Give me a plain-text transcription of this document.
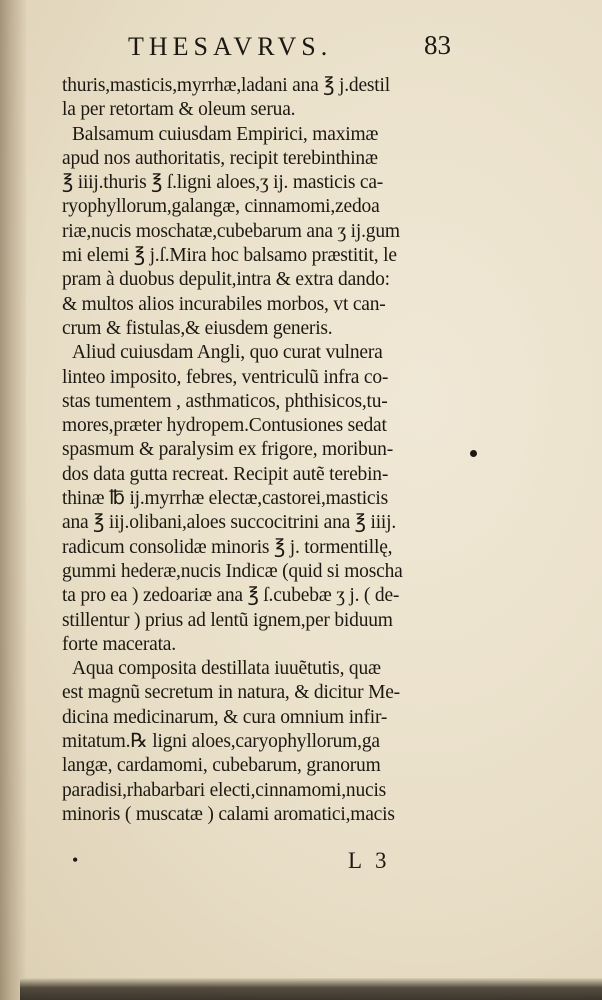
THESAVRVS.	83
thuris,masticis,myrrhæ,ladani ana ℥ j.destil
la per retortam & oleum serua.
Balsamum cuiusdam Empirici, maximæ
apud nos authoritatis, recipit terebinthinæ
℥ iiij.thuris ℥ ſ.ligni aloes,ʒ ij. masticis ca-
ryophyllorum,galangæ, cinnamomi,zedoa
riæ,nucis moschatæ,cubebarum ana ʒ ij.gum
mi elemi ℥ j.ſ.Mira hoc balsamo præstitit, le
pram à duobus depulit,intra & extra dando:
& multos alios incurabiles morbos, vt can-
crum & fistulas,& eiusdem generis.
Aliud cuiusdam Angli, quo curat vulnera
linteo imposito, febres, ventriculũ infra co-
stas tumentem , asthmaticos, phthisicos,tu-
mores,præter hydropem.Contusiones sedat
spasmum & paralysim ex frigore, moribun-
dos data gutta recreat. Recipit autẽ terebin-
thinæ ℔ ij.myrrhæ electæ,castorei,masticis
ana ℥ iij.olibani,aloes succocitrini ana ℥ iiij.
radicum consolidæ minoris ℥ j. tormentillę,
gummi hederæ,nucis Indicæ (quid si moscha
ta pro ea ) zedoariæ ana ℥ ſ.cubebæ ʒ j. ( de-
stillentur ) prius ad lentũ ignem,per biduum
forte macerata.
Aqua composita destillata iuuẽtutis, quæ
est magnũ secretum in natura, & dicitur Me-
dicina medicinarum, & cura omnium infir-
mitatum.℞ ligni aloes,caryophyllorum,ga
langæ, cardamomi, cubebarum, granorum
paradisi,rhabarbari electi,cinnamomi,nucis
minoris ( muscatæ ) calami aromatici,macis
•	L 3
